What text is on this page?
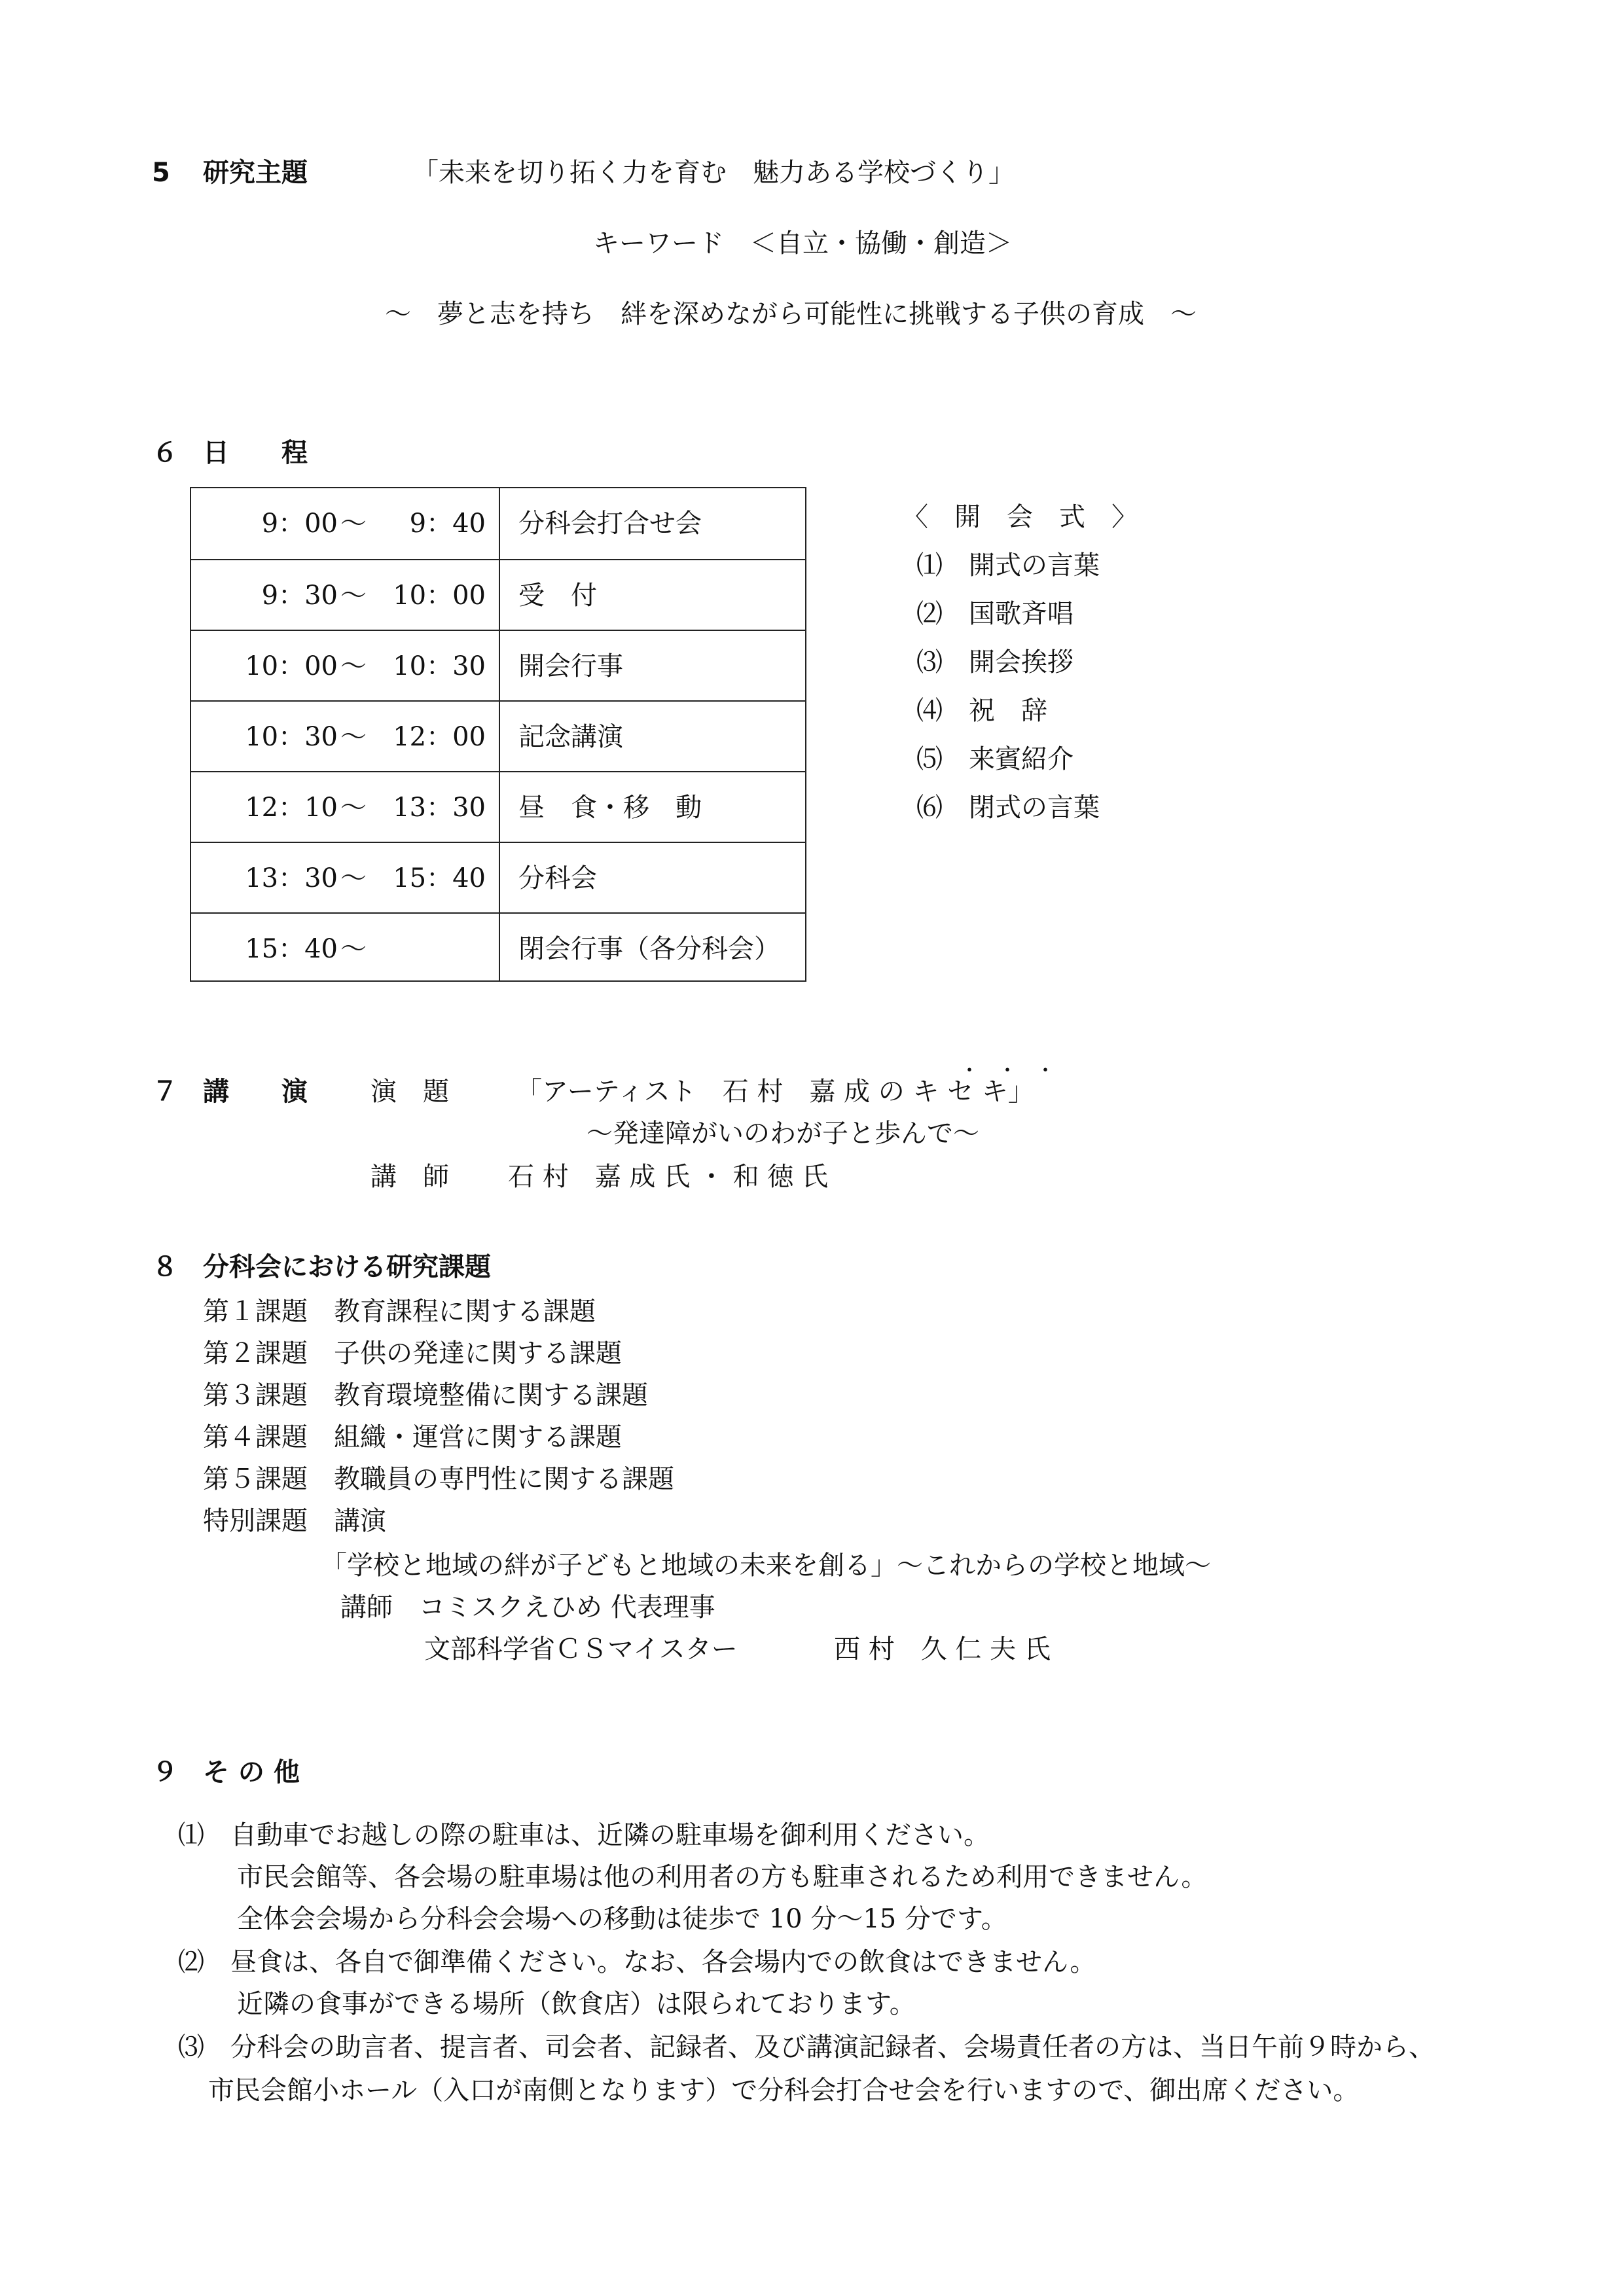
5 研究主題	「未来を切り拓く力を育む　魅力ある学校づくり」
キーワード　＜自立・協働・創造＞
～　夢と志を持ち　絆を深めながら可能性に挑戦する子供の育成　～
６ 日　　程
9：00 ～	9：40 分科会打合せ会
9：30 ～	10：00 受　付
10：00 ～	10：30 開会行事
10：30 ～	12：00 記念講演
12：10 ～	13：30 昼　食・移　動
13：30 ～	15：40 分科会
15：40 ～	閉会行事（各分科会）
〈　開　会　式　〉
⑴　開式の言葉
⑵　国歌斉唱
⑶　開会挨拶
⑷　祝　辞
⑸　来賓紹介
⑹　閉式の言葉
７ 講　　演 演　題	「アーティスト　石 村　嘉 成 の キ セ キ」
・ ・ ・
～発達障がいのわが子と歩んで～
講　師 石 村　嘉 成 氏 ・ 和 徳 氏
８ 分科会における研究課題
第１課題　教育課程に関する課題
第２課題　子供の発達に関する課題
第３課題　教育環境整備に関する課題
第４課題　組織・運営に関する課題
第５課題　教職員の専門性に関する課題
特別課題　講演
「学校と地域の絆が子どもと地域の未来を創る」～これからの学校と地域～
講師　コミスクえひめ 代表理事
文部科学省ＣＳマイスター	西 村　久 仁 夫 氏
９ そ の 他
⑴　自動車でお越しの際の駐車は、近隣の駐車場を御利用ください。
市民会館等、各会場の駐車場は他の利用者の方も駐車されるため利用できません。
全体会会場から分科会会場への移動は徒歩で 10 分～15 分です。
⑵　昼食は、各自で御準備ください。なお、各会場内での飲食はできません。
近隣の食事ができる場所（飲食店）は限られております。
⑶　分科会の助言者、提言者、司会者、記録者、及び講演記録者、会場責任者の方は、当日午前９時から、
市民会館小ホール（入口が南側となります）で分科会打合せ会を行いますので、御出席ください。
